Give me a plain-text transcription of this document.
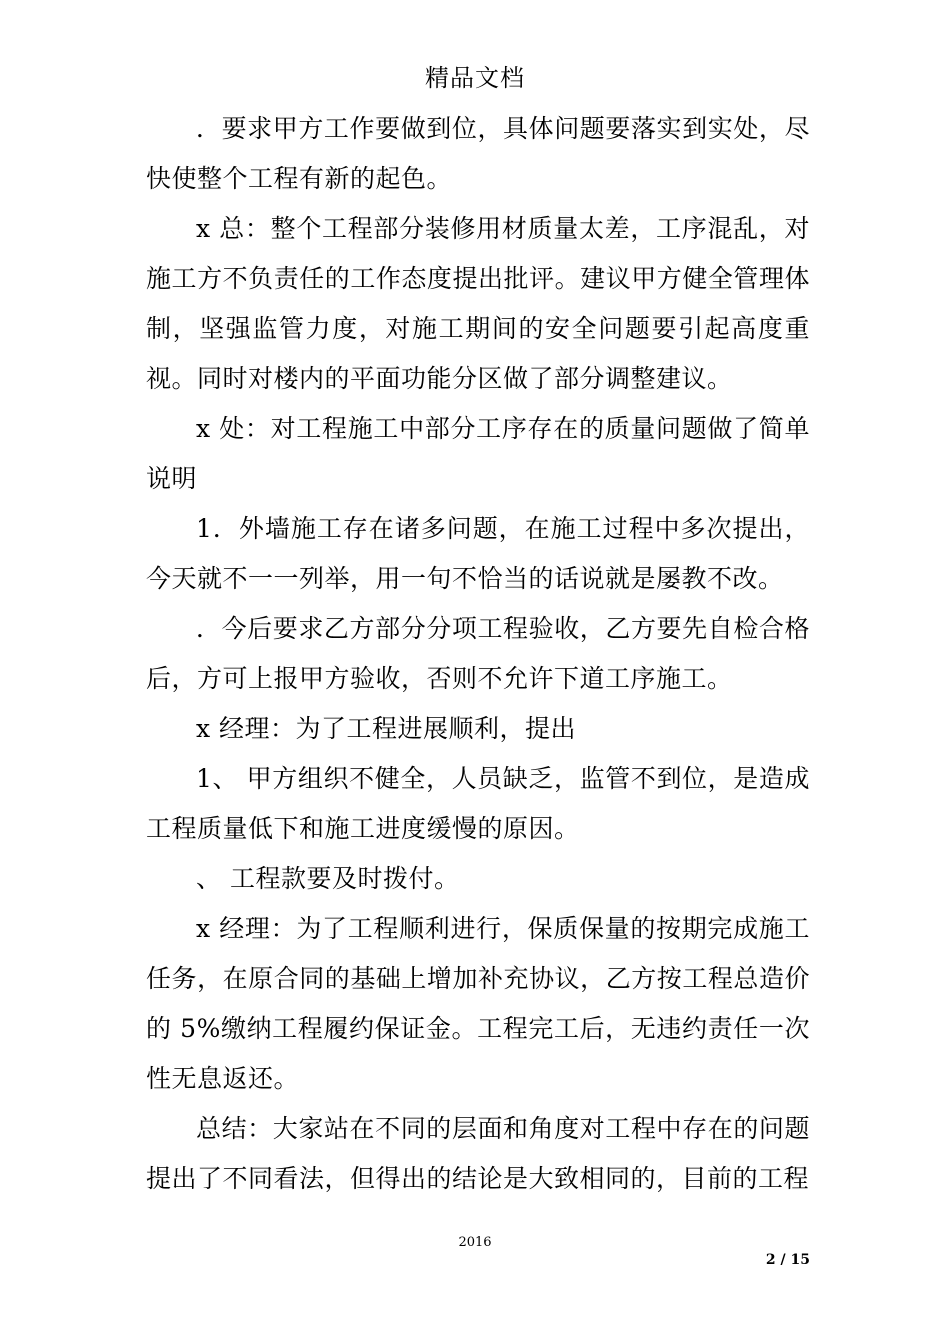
精品文档

．要求甲方工作要做到位，具体问题要落实到实处，尽快使整个工程有新的起色。

x 总：整个工程部分装修用材质量太差，工序混乱，对施工方不负责任的工作态度提出批评。建议甲方健全管理体制，坚强监管力度，对施工期间的安全问题要引起高度重视。同时对楼内的平面功能分区做了部分调整建议。

x 处：对工程施工中部分工序存在的质量问题做了简单说明

1．外墙施工存在诸多问题，在施工过程中多次提出，今天就不一一列举，用一句不恰当的话说就是屡教不改。

．今后要求乙方部分分项工程验收，乙方要先自检合格后，方可上报甲方验收，否则不允许下道工序施工。

x 经理：为了工程进展顺利，提出

1、 甲方组织不健全，人员缺乏，监管不到位，是造成工程质量低下和施工进度缓慢的原因。

、 工程款要及时拨付。

x 经理：为了工程顺利进行，保质保量的按期完成施工任务，在原合同的基础上增加补充协议，乙方按工程总造价的 5%缴纳工程履约保证金。工程完工后，无违约责任一次性无息返还。

总结：大家站在不同的层面和角度对工程中存在的问题提出了不同看法，但得出的结论是大致相同的，目前的工程

2016
2 / 15
